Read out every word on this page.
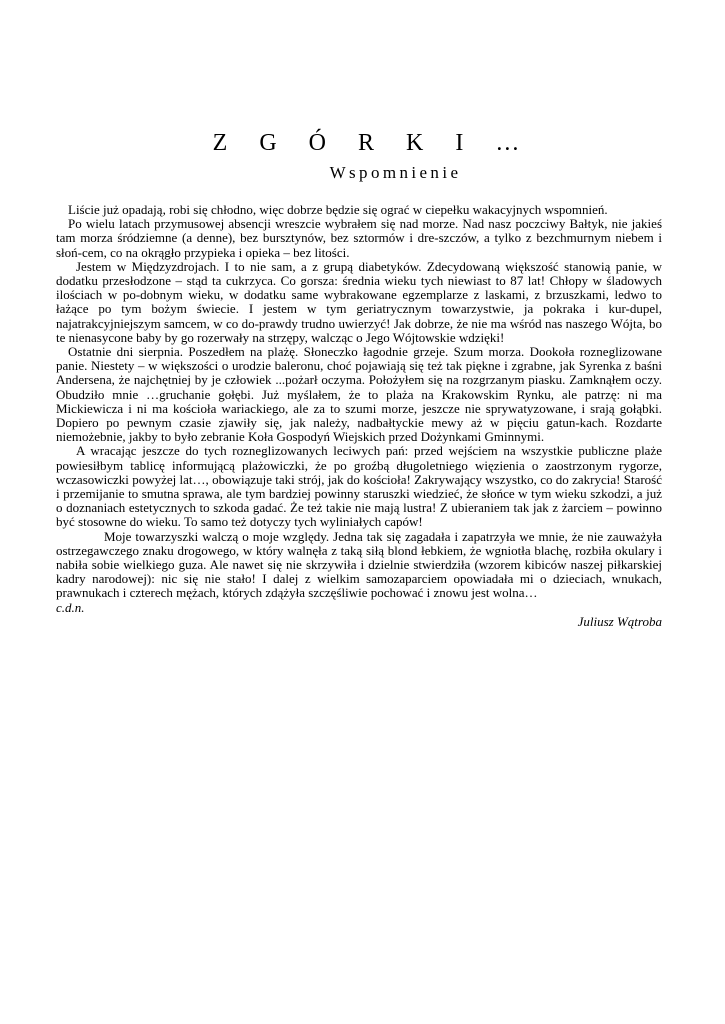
Z G Ó R K I …
Wspomnienie

Liście już opadają, robi się chłodno, więc dobrze będzie się ograć w ciepełku wakacyjnych wspomnień.

Po wielu latach przymusowej absencji wreszcie wybrałem się nad morze. Nad nasz poczciwy Bałtyk, nie jakieś tam morza śródziemne (a denne), bez bursztynów, bez sztormów i dre-szczów, a tylko z bezchmurnym niebem i słoń-cem, co na okrągło przypieka i opieka – bez litości.

Jestem w Międzyzdrojach. I to nie sam, a z grupą diabetyków. Zdecydowaną większość stanowią panie, w dodatku przesłodzone – stąd ta cukrzyca. Co gorsza: średnia wieku tych niewiast to 87 lat! Chłopy w śladowych ilościach w po-dobnym wieku, w dodatku same wybrakowane egzemplarze z laskami, z brzuszkami, ledwo to łażące po tym bożym świecie. I jestem w tym geriatrycznym towarzystwie, ja pokraka i kur-dupel, najatrakcyjniejszym samcem, w co do-prawdy trudno uwierzyć! Jak dobrze, że nie ma wśród nas naszego Wójta, bo te nienasycone baby by go rozerwały na strzępy, walcząc o Jego Wójtowskie wdzięki!

Ostatnie dni sierpnia. Poszedłem na plażę. Słoneczko łagodnie grzeje. Szum morza. Dookoła rozneglizowane panie. Niestety – w większości o urodzie baleronu, choć pojawiają się też tak piękne i zgrabne, jak Syrenka z baśni Andersena, że najchętniej by je człowiek ...pożarł oczyma. Położyłem się na rozgrzanym piasku. Zamknąłem oczy. Obudziło mnie …gruchanie gołębi. Już myślałem, że to plaża na Krakowskim Rynku, ale patrzę: ni ma Mickiewicza i ni ma kościoła wariackiego, ale za to szumi morze, jeszcze nie sprywatyzowane, i srają gołąbki. Dopiero po pewnym czasie zjawiły się, jak należy, nadbałtyckie mewy aż w pięciu gatun-kach. Rozdarte niemożebnie, jakby to było zebranie Koła Gospodyń Wiejskich przed Dożynkami Gminnymi.

A wracając jeszcze do tych rozneglizowanych leciwych pań: przed wejściem na wszystkie publiczne plaże powiesiłbym tablicę informującą plażowiczki, że po groźbą długoletniego więzienia o zaostrzonym rygorze, wczasowiczki powyżej lat…, obowiązuje taki strój, jak do kościoła! Zakrywający wszystko, co do zakrycia! Starość i przemijanie to smutna sprawa, ale tym bardziej powinny staruszki wiedzieć, że słońce w tym wieku szkodzi, a już o doznaniach estetycznych to szkoda gadać. Że też takie nie mają lustra! Z ubieraniem tak jak z żarciem – powinno być stosowne do wieku. To samo też dotyczy tych wyliniałych capów!

Moje towarzyszki walczą o moje względy. Jedna tak się zagadała i zapatrzyła we mnie, że nie zauważyła ostrzegawczego znaku drogowego, w który walnęła z taką siłą blond łebkiem, że wgniotła blachę, rozbiła okulary i nabiła sobie wielkiego guza. Ale nawet się nie skrzywiła i dzielnie stwierdziła (wzorem kibiców naszej piłkarskiej kadry narodowej): nic się nie stało! I dalej z wielkim samozaparciem opowiadała mi o dzieciach, wnukach, prawnukach i czterech mężach, których zdążyła szczęśliwie pochować i znowu jest wolna…

c.d.n.

Juliusz Wątroba
